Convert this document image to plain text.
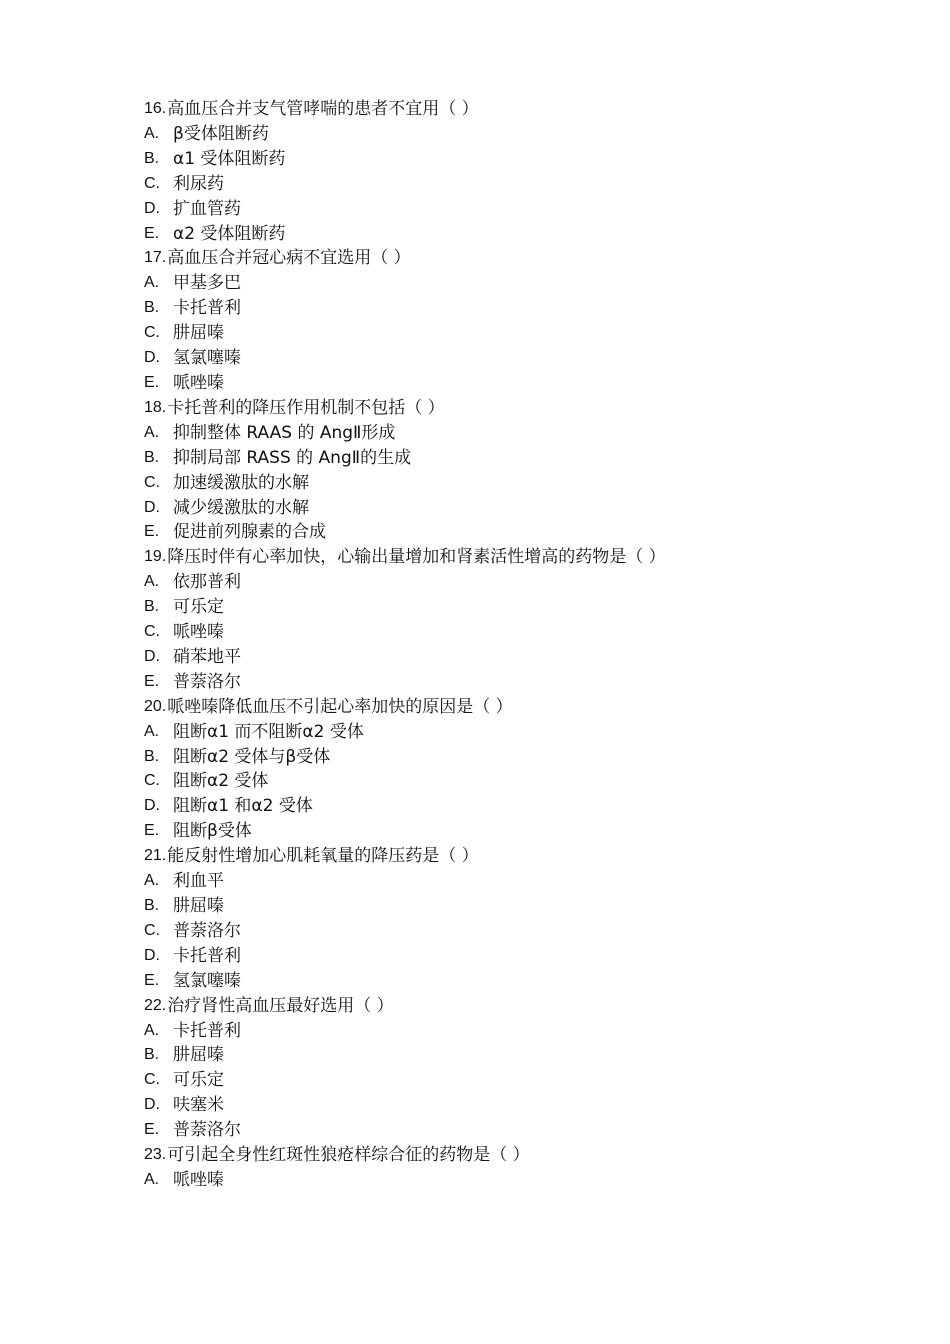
16. 高血压合并支气管哮喘的患者不宜用（ ）
A. β受体阻断药
B. α1 受体阻断药
C. 利尿药
D. 扩血管药
E. α2 受体阻断药
17. 高血压合并冠心病不宜选用（ ）
A. 甲基多巴
B. 卡托普利
C. 肼屈嗪
D. 氢氯噻嗪
E. 哌唑嗪
18. 卡托普利的降压作用机制不包括（ ）
A. 抑制整体 RAAS 的 AngⅡ形成
B. 抑制局部 RASS 的 AngⅡ的生成
C. 加速缓激肽的水解
D. 减少缓激肽的水解
E. 促进前列腺素的合成
19. 降压时伴有心率加快，心输出量增加和肾素活性增高的药物是（ ）
A. 依那普利
B. 可乐定
C. 哌唑嗪
D. 硝苯地平
E. 普萘洛尔
20. 哌唑嗪降低血压不引起心率加快的原因是（ ）
A. 阻断α1 而不阻断α2 受体
B. 阻断α2 受体与β受体
C. 阻断α2 受体
D. 阻断α1 和α2 受体
E. 阻断β受体
21. 能反射性增加心肌耗氧量的降压药是（ ）
A. 利血平
B. 肼屈嗪
C. 普萘洛尔
D. 卡托普利
E. 氢氯噻嗪
22. 治疗肾性高血压最好选用（ ）
A. 卡托普利
B. 肼屈嗪
C. 可乐定
D. 呋塞米
E. 普萘洛尔
23. 可引起全身性红斑性狼疮样综合征的药物是（ ）
A. 哌唑嗪
